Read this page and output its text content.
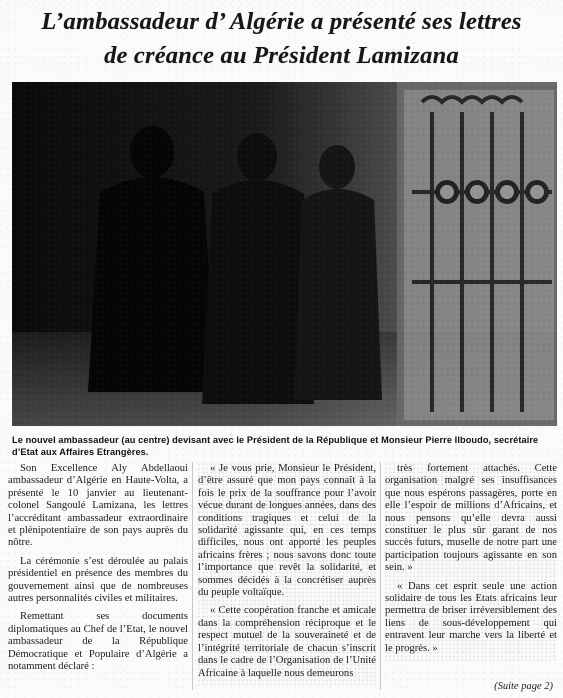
L’ambassadeur d’ Algérie a présenté ses lettres
de créance au Président Lamizana
Le nouvel ambassadeur (au centre) devisant avec le Président de la République et Monsieur Pierre Ilboudo, secrétaire d’Etat aux Affaires Etrangères.

Son Excellence Aly Abdellaoui ambassadeur d’Algérie en Haute-Volta, a présenté le 10 janvier au lieutenant-colonel Sangoulé Lamizana, les lettres l’accréditant ambassadeur extraordinaire et plénipotentiaire de son pays auprès du nôtre.

La cérémonie s’est déroulée au palais présidentiel en présence des membres du gouvernement ainsi que de nombreuses autres personnalités civiles et militaires.

Remettant ses documents diplomatiques au Chef de l’Etat, le nouvel ambassadeur de la République Démocratique et Populaire d’Algérie a notamment déclaré :

« Je vous prie, Monsieur le Président, d’être assuré que mon pays connaît à la fois le prix de la souffrance pour l’avoir vécue durant de longues années, dans des conditions tragiques et celui de la solidarité agissante qui, en ces temps difficiles, nous ont apporté les peuples africains frères ; nous savons donc toute l’importance que revêt la solidarité, et sommes décidés à la concrétiser auprès du peuple voltaïque.

« Cette coopération franche et amicale dans la compréhension réciproque et le respect mutuel de la souveraineté et de l’intégrité territoriale de chacun s’inscrit dans le cadre de l’Organisation de l’Unité Africaine à laquelle nous demeurons

très fortement attachés. Cette organisation malgré ses insuffisances que nous espérons passagères, porte en elle l’espoir de millions d’Africains, et nous pensons qu’elle devra aussi constituer le plus sûr garant de nos succès futurs, muselle de notre part une participation toujours agissante en son sein. »

« Dans cet esprit seule une action solidaire de tous les Etats africains leur permettra de briser irréversiblement des liens de sous-développement qui entravent leur marche vers la liberté et le progrès. »

(Suite page 2)
